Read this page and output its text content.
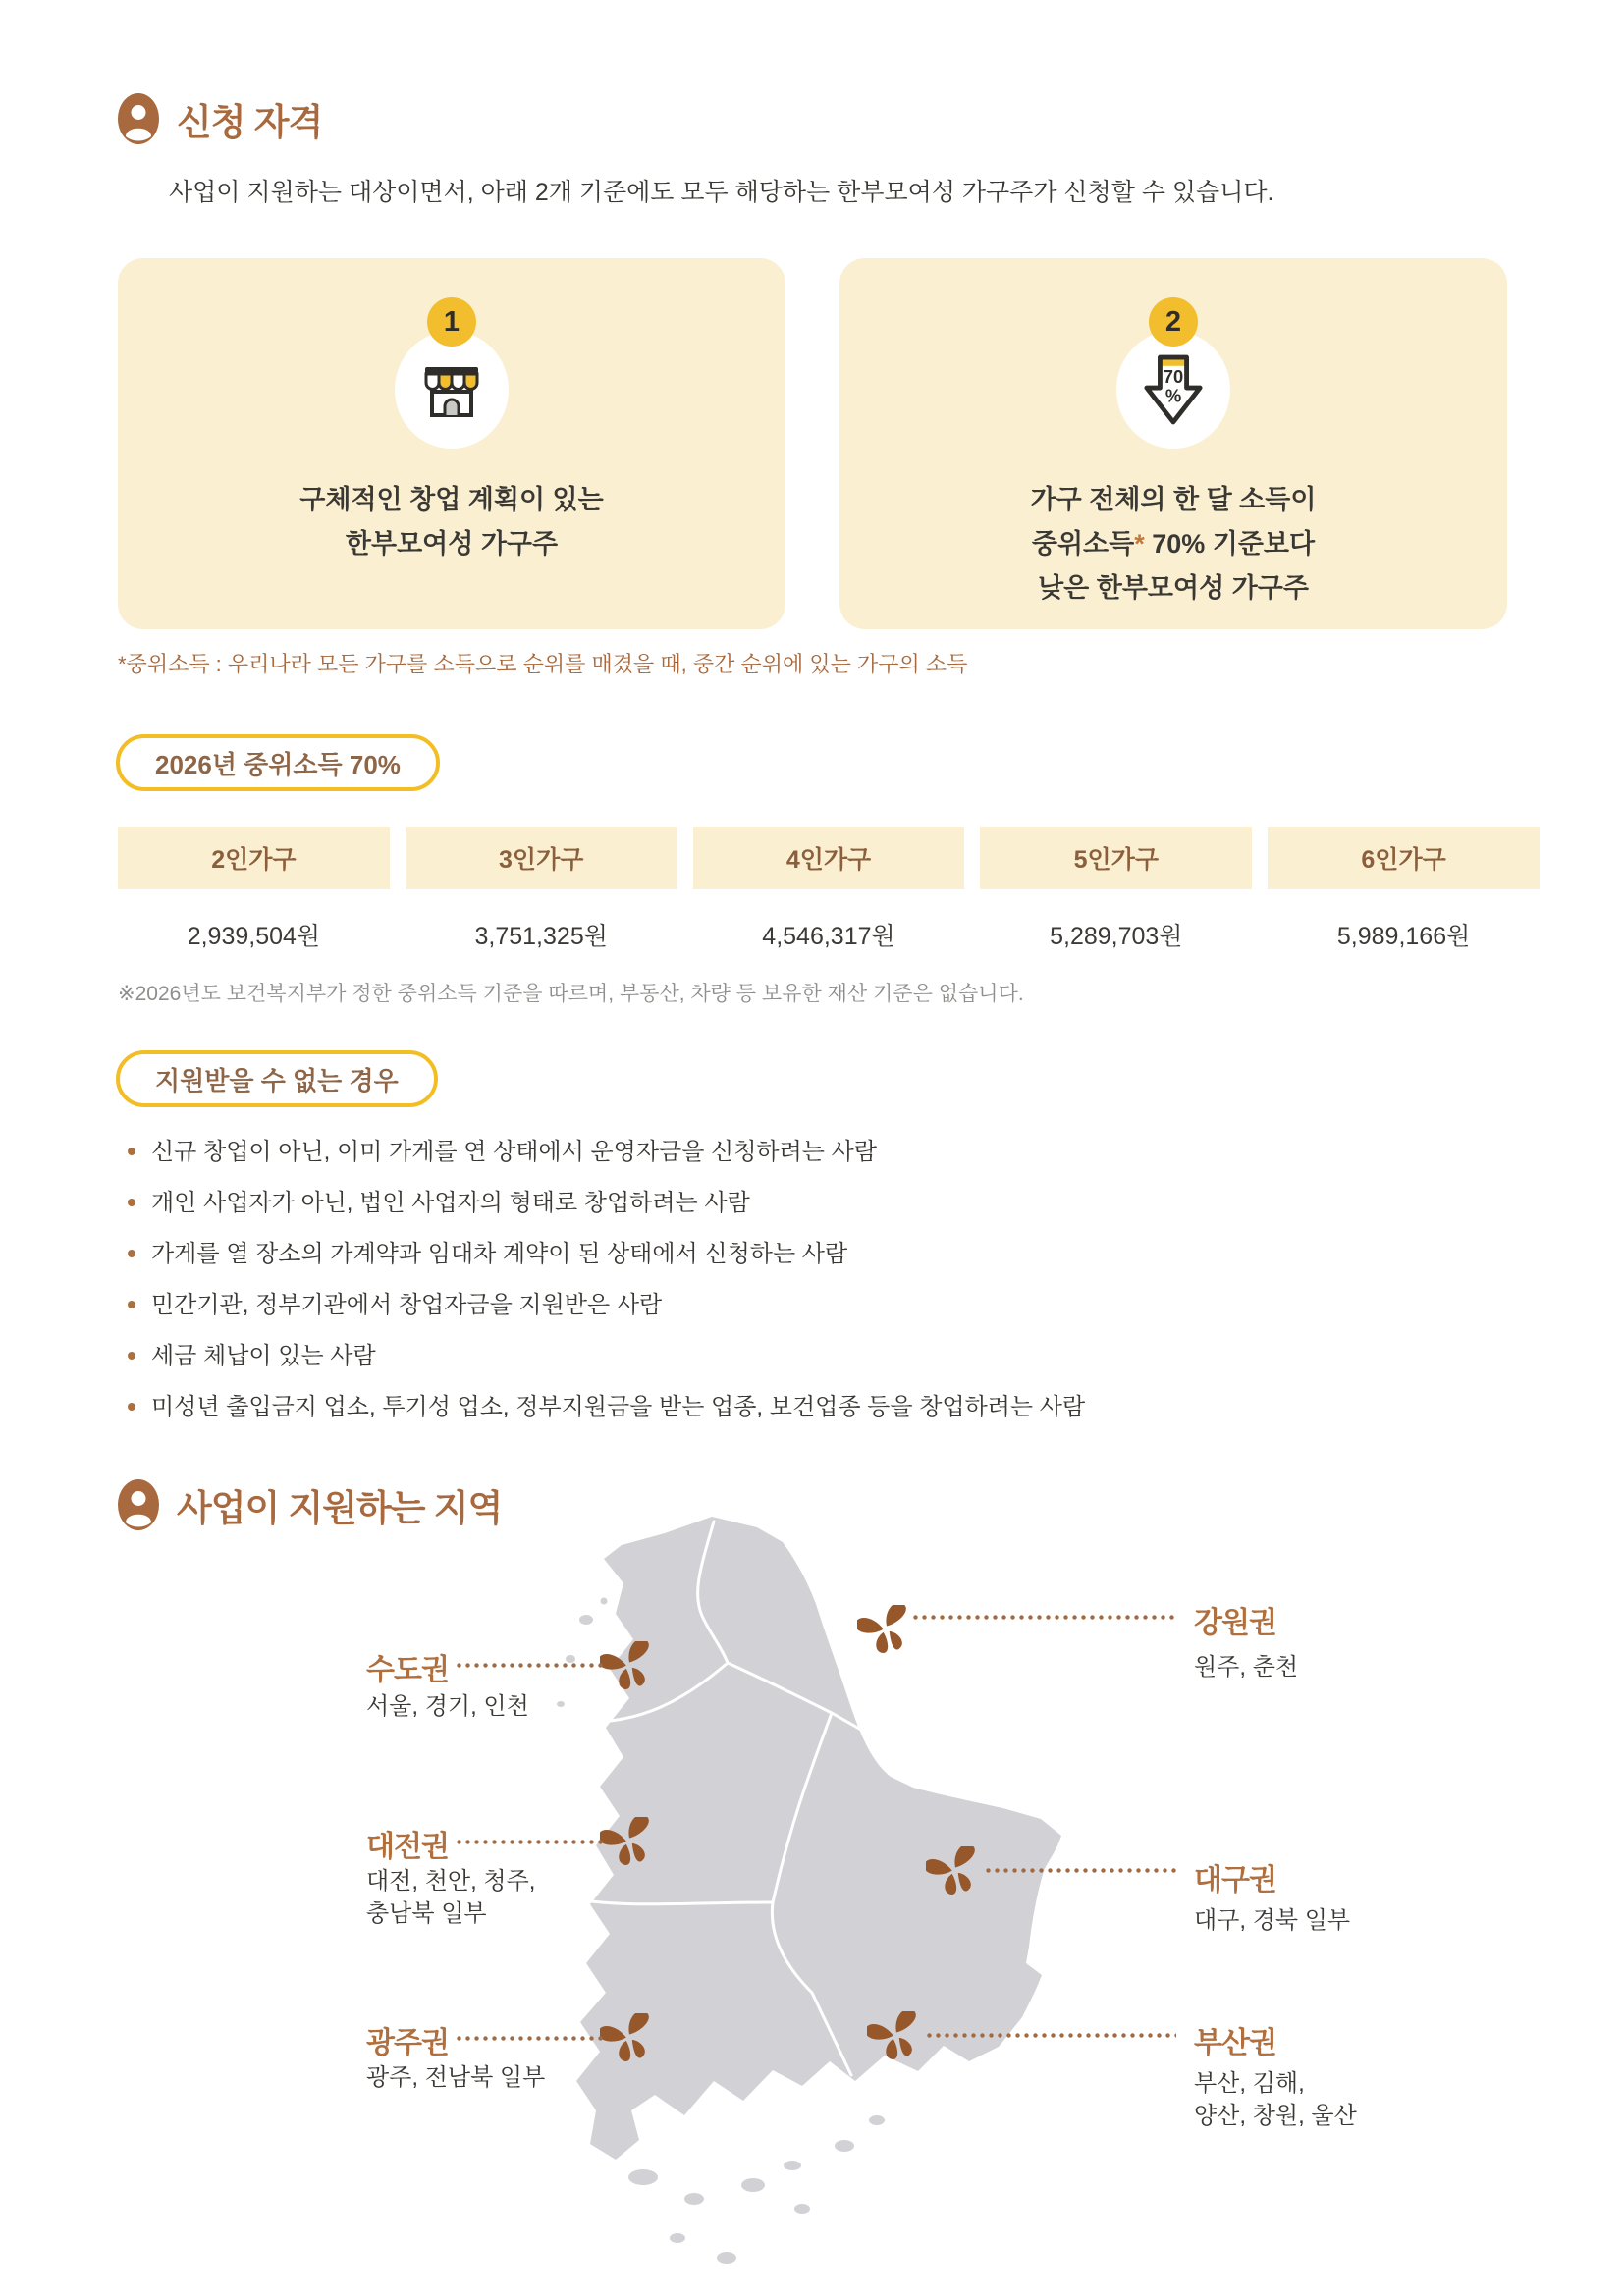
신청 자격
사업이 지원하는 대상이면서, 아래 2개 기준에도 모두 해당하는 한부모여성 가구주가 신청할 수 있습니다.
1
구체적인 창업 계획이 있는
한부모여성 가구주
2
70
%
가구 전체의 한 달 소득이
중위소득* 70% 기준보다
낮은 한부모여성 가구주
*중위소득 : 우리나라 모든 가구를 소득으로 순위를 매겼을 때, 중간 순위에 있는 가구의 소득
2026년 중위소득 70%
2인가구	3인가구	4인가구	5인가구	6인가구
2,939,504원	3,751,325원	4,546,317원	5,289,703원	5,989,166원
※2026년도 보건복지부가 정한 중위소득 기준을 따르며, 부동산, 차량 등 보유한 재산 기준은 없습니다.
지원받을 수 없는 경우
신규 창업이 아닌, 이미 가게를 연 상태에서 운영자금을 신청하려는 사람
개인 사업자가 아닌, 법인 사업자의 형태로 창업하려는 사람
가게를 열 장소의 가계약과 임대차 계약이 된 상태에서 신청하는 사람
민간기관, 정부기관에서 창업자금을 지원받은 사람
세금 체납이 있는 사람
미성년 출입금지 업소, 투기성 업소, 정부지원금을 받는 업종, 보건업종 등을 창업하려는 사람
사업이 지원하는 지역
수도권
서울, 경기, 인천
대전권
대전, 천안, 청주,
충남북 일부
광주권
광주, 전남북 일부
강원권
원주, 춘천
대구권
대구, 경북 일부
부산권
부산, 김해,
양산, 창원, 울산
